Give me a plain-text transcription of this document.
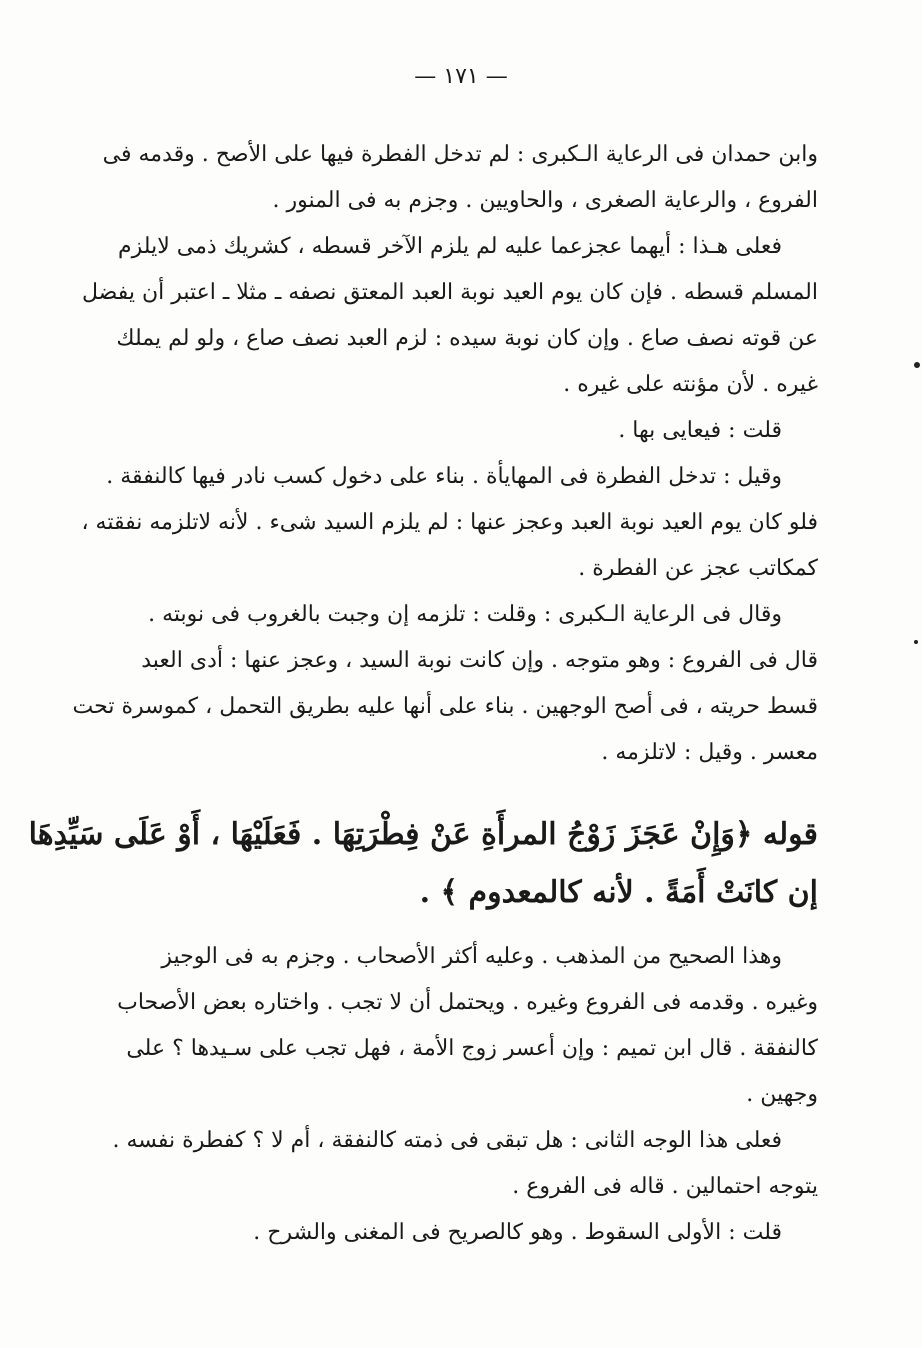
— ١٧١ —
وابن حمدان فى الرعاية الـكبرى : لم تدخل الفطرة فيها على الأصح . وقدمه فى
الفروع ، والرعاية الصغرى ، والحاويين . وجزم به فى المنور .
فعلى هـذا : أيهما عجزعما عليه لم يلزم الآخر قسطه ، كشريك ذمى لايلزم
المسلم قسطه . فإن كان يوم العيد نوبة العبد المعتق نصفه ـ مثلا ـ اعتبر أن يفضل
عن قوته نصف صاع . وإن كان نوبة سيده : لزم العبد نصف صاع ، ولو لم يملك
غيره . لأن مؤنته على غيره .
قلت : فيعايى بها .
وقيل : تدخل الفطرة فى المهايأة . بناء على دخول كسب نادر فيها كالنفقة .
فلو كان يوم العيد نوبة العبد وعجز عنها : لم يلزم السيد شىء . لأنه لاتلزمه نفقته ،
كمكاتب عجز عن الفطرة .
وقال فى الرعاية الـكبرى : وقلت : تلزمه إن وجبت بالغروب فى نوبته .
قال فى الفروع : وهو متوجه . وإن كانت نوبة السيد ، وعجز عنها : أدى العبد
قسط حريته ، فى أصح الوجهين . بناء على أنها عليه بطريق التحمل ، كموسرة تحت
معسر . وقيل : لاتلزمه .
قوله ﴿وَإِنْ عَجَزَ زَوْجُ المرأَةِ عَنْ فِطْرَتِهَا . فَعَلَيْهَا ، أَوْ عَلَى سَيِّدِهَا
إن كانَتْ أَمَةً . لأنه كالمعدوم ﴾ .
وهذا الصحيح من المذهب . وعليه أكثر الأصحاب . وجزم به فى الوجيز
وغيره . وقدمه فى الفروع وغيره . ويحتمل أن لا تجب . واختاره بعض الأصحاب
كالنفقة . قال ابن تميم : وإن أعسر زوج الأمة ، فهل تجب على سـيدها ؟ على
وجهين .
فعلى هذا الوجه الثانى : هل تبقى فى ذمته كالنفقة ، أم لا ؟ كفطرة نفسه .
يتوجه احتمالين . قاله فى الفروع .
قلت : الأولى السقوط . وهو كالصريح فى المغنى والشرح .
